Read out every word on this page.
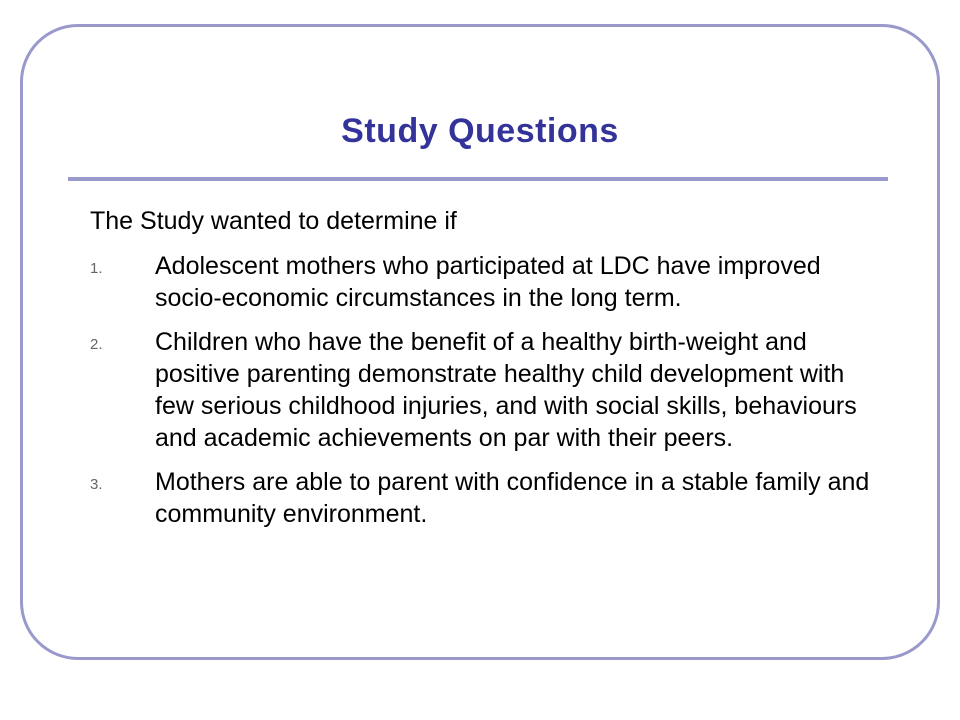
Study Questions
The Study wanted to determine if
1. Adolescent mothers who participated at LDC have improved socio-economic circumstances in the long term.
2. Children who have the benefit of a healthy birth-weight and positive parenting demonstrate healthy child development with few serious childhood injuries, and with social skills, behaviours and academic achievements on par with their peers.
3. Mothers are able to parent with confidence in a stable family and community environment.
